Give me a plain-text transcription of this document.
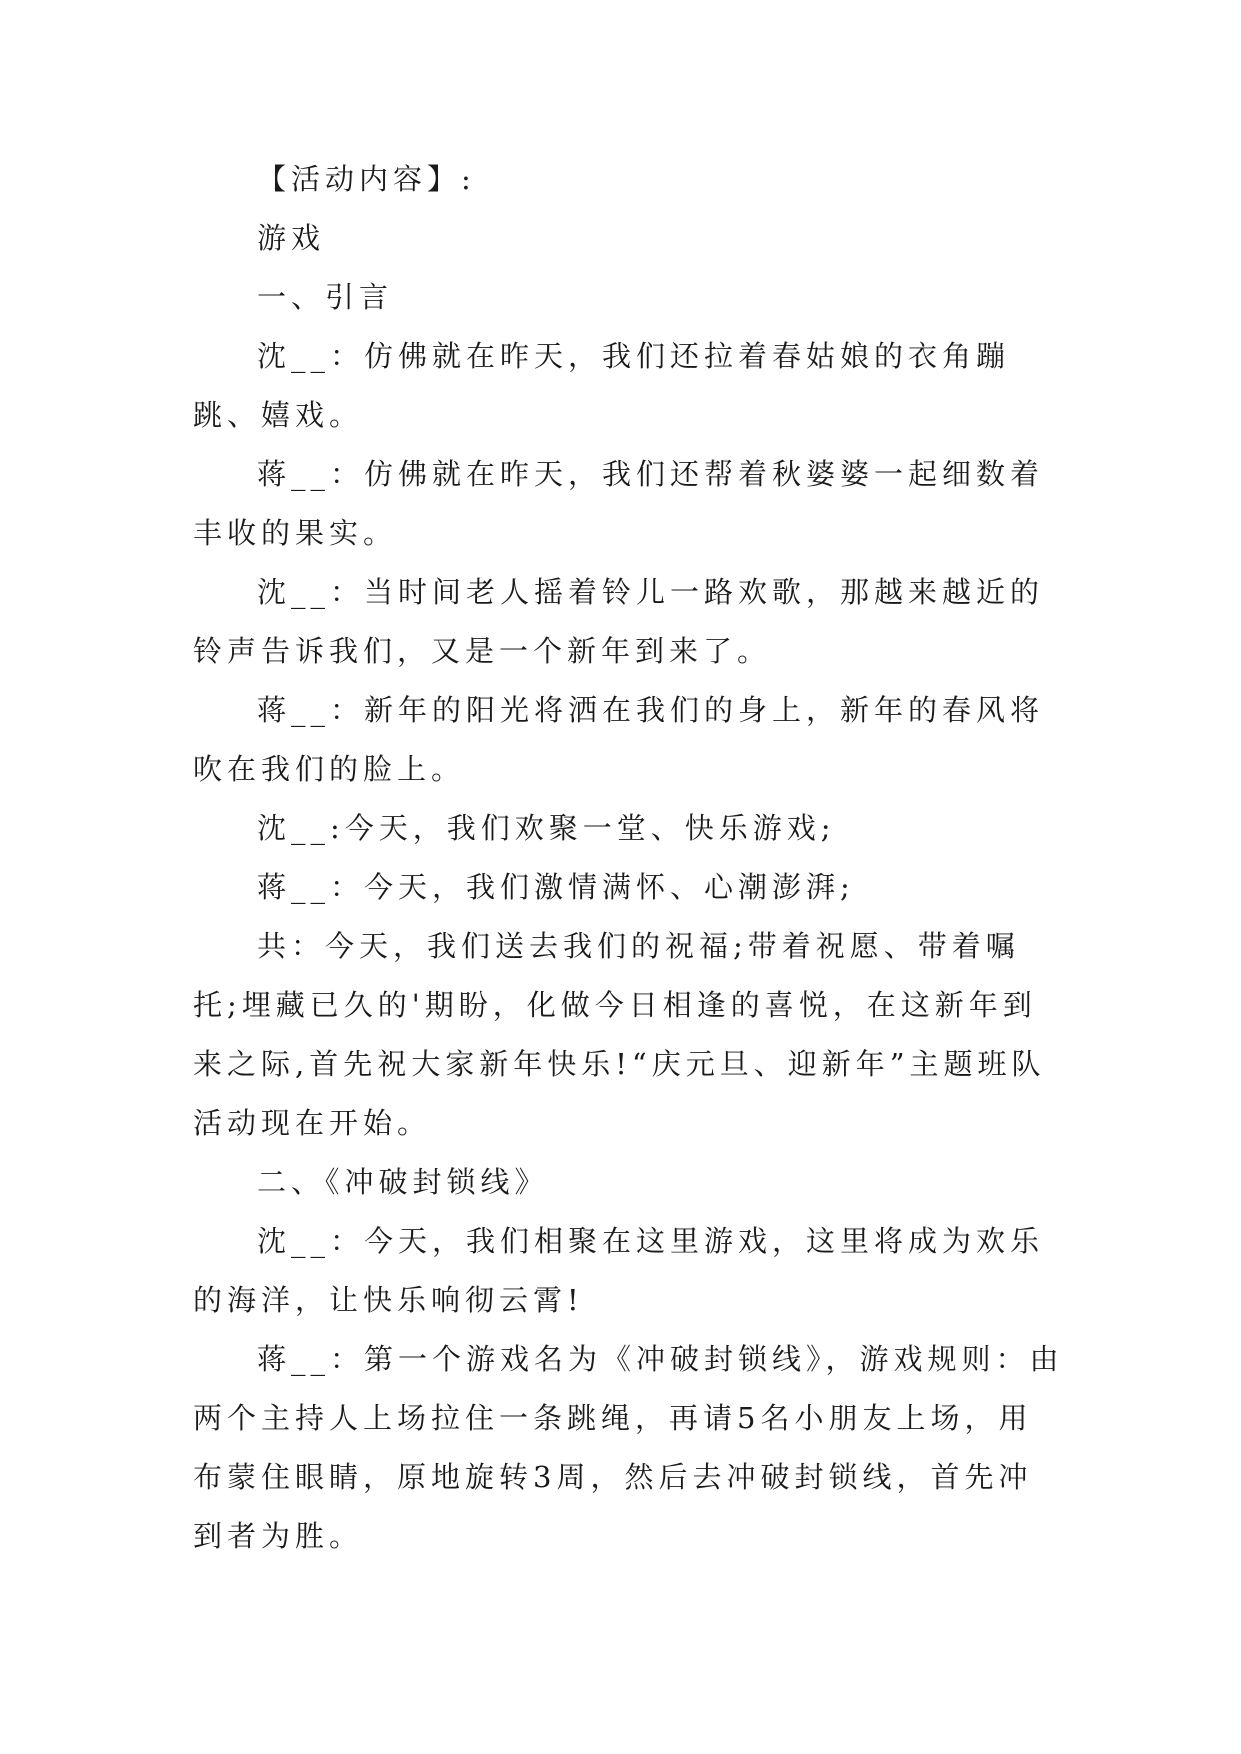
【活动内容】:

游戏

一、引言

沈__：仿佛就在昨天，我们还拉着春姑娘的衣角蹦跳、嬉戏。

蒋__：仿佛就在昨天，我们还帮着秋婆婆一起细数着丰收的果实。

沈__：当时间老人摇着铃儿一路欢歌，那越来越近的铃声告诉我们，又是一个新年到来了。

蒋__：新年的阳光将洒在我们的身上，新年的春风将吹在我们的脸上。

沈__:今天，我们欢聚一堂、快乐游戏;

蒋__：今天，我们激情满怀、心潮澎湃;

共：今天，我们送去我们的祝福;带着祝愿、带着嘱托;埋藏已久的'期盼，化做今日相逢的喜悦，在这新年到来之际,首先祝大家新年快乐!“庆元旦、迎新年”主题班队活动现在开始。

二、《冲破封锁线》

沈__：今天，我们相聚在这里游戏，这里将成为欢乐的海洋，让快乐响彻云霄!

蒋__：第一个游戏名为《冲破封锁线》，游戏规则：由两个主持人上场拉住一条跳绳，再请5名小朋友上场，用布蒙住眼睛，原地旋转3周，然后去冲破封锁线，首先冲到者为胜。
